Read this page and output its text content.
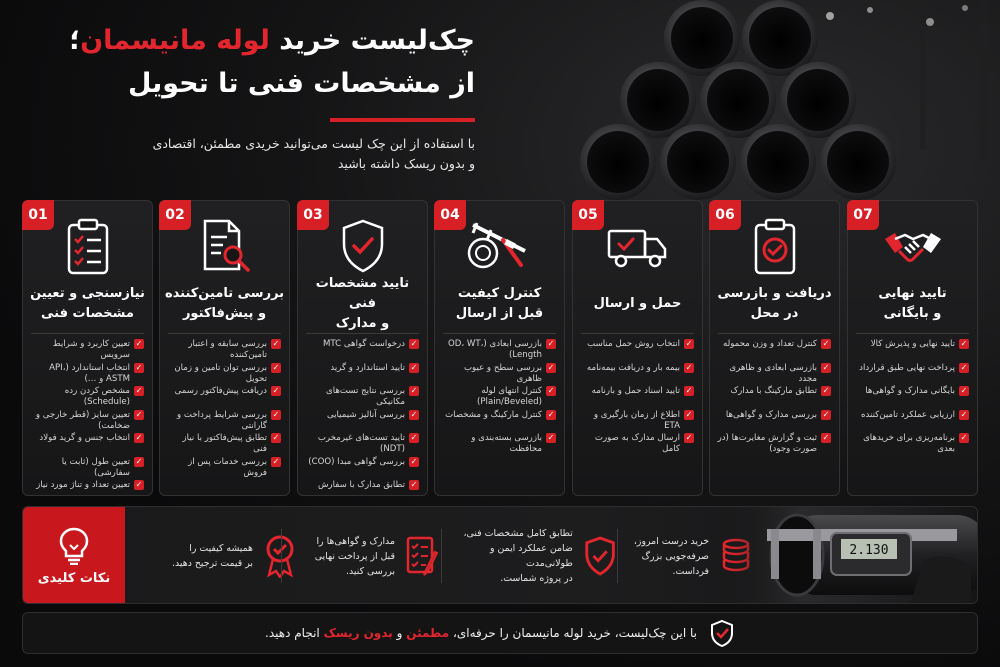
چک‌لیست خرید لوله مانیسمان؛
از مشخصات فنی تا تحویل
با استفاده از این چک لیست می‌توانید خریدی مطمئن، اقتصادی
و بدون ریسک داشته باشید
01
نیازسنجی و تعیین
مشخصات فنی
✓
تعیین کاربرد و شرایط سرویس
✓
انتخاب استاندارد (API، ASTM و …)
✓
مشخص کردن رده (Schedule)
✓
تعیین سایز (قطر خارجی و ضخامت)
✓
انتخاب جنس و گرید فولاد
✓
تعیین طول (ثابت یا سفارشی)
✓
تعیین تعداد و تناژ مورد نیاز
02
بررسی تامین‌کننده
و پیش‌فاکتور
✓
بررسی سابقه و اعتبار تامین‌کننده
✓
بررسی توان تامین و زمان تحویل
✓
دریافت پیش‌فاکتور رسمی
✓
بررسی شرایط پرداخت و گارانتی
✓
تطابق پیش‌فاکتور با نیاز فنی
✓
بررسی خدمات پس از فروش
03
تایید مشخصات فنی
و مدارک
✓
درخواست گواهی MTC
✓
تایید استاندارد و گرید
✓
بررسی نتایج تست‌های مکانیکی
✓
بررسی آنالیز شیمیایی
✓
تایید تست‌های غیرمخرب (NDT)
✓
بررسی گواهی مبدا (COO)
✓
تطابق مدارک با سفارش
04
کنترل کیفیت
قبل از ارسال
✓
بازرسی ابعادی (OD، WT، Length)
✓
بررسی سطح و عیوب ظاهری
✓
کنترل انتهای لوله (Plain/Beveled)
✓
کنترل مارکینگ و مشخصات
✓
بازرسی بسته‌بندی و محافظت
05
حمل و ارسال
✓
انتخاب روش حمل مناسب
✓
بیمه بار و دریافت بیمه‌نامه
✓
تایید اسناد حمل و بارنامه
✓
اطلاع از زمان بارگیری و ETA
✓
ارسال مدارک به صورت کامل
06
دریافت و بازرسی
در محل
✓
کنترل تعداد و وزن محموله
✓
بازرسی ابعادی و ظاهری مجدد
✓
تطابق مارکینگ با مدارک
✓
بررسی مدارک و گواهی‌ها
✓
ثبت و گزارش مغایرت‌ها (در صورت وجود)
07
تایید نهایی
و بایگانی
✓
تایید نهایی و پذیرش کالا
✓
پرداخت نهایی طبق قرارداد
✓
بایگانی مدارک و گواهی‌ها
✓
ارزیابی عملکرد تامین‌کننده
✓
برنامه‌ریزی برای خریدهای بعدی
نکات کلیدی
همیشه کیفیت را
بر قیمت ترجیح دهید.
مدارک و گواهی‌ها را
قبل از پرداخت نهایی
بررسی کنید.
تطابق کامل مشخصات فنی،
ضامن عملکرد ایمن و طولانی‌مدت
در پروژه شماست.
خرید درست امروز،
صرفه‌جویی بزرگ
فرداست.
2.130
با این چک‌لیست، خرید لوله مانیسمان را حرفه‌ای، مطمئن و بدون ریسک انجام دهید.
